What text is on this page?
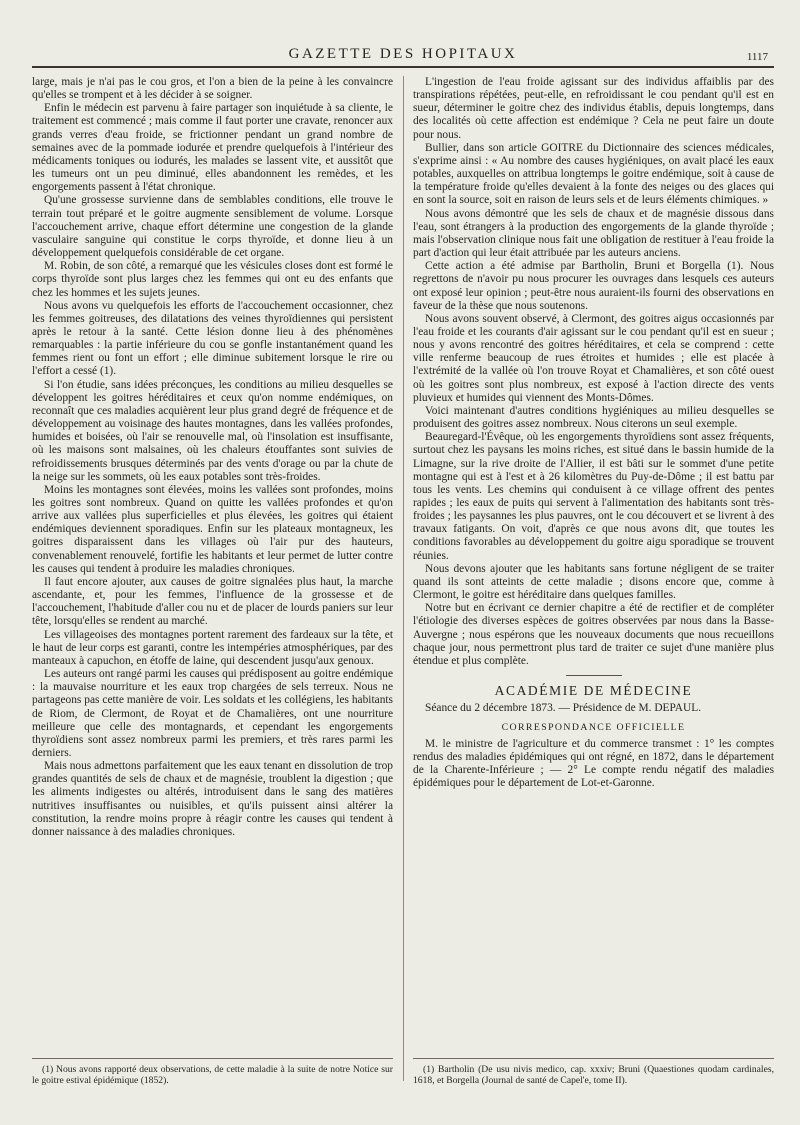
GAZETTE DES HOPITAUX	1117

large, mais je n'ai pas le cou gros, et l'on a bien de la peine à les convaincre qu'elles se trompent et à les décider à se soigner.

Enfin le médecin est parvenu à faire partager son inquiétude à sa cliente, le traitement est commencé ; mais comme il faut porter une cravate, renoncer aux grands verres d'eau froide, se frictionner pendant un grand nombre de semaines avec de la pommade iodurée et prendre quelquefois à l'intérieur des médicaments toniques ou iodurés, les malades se lassent vite, et aussitôt que les tumeurs ont un peu diminué, elles abandonnent les remèdes, et les engorgements passent à l'état chronique.

Qu'une grossesse survienne dans de semblables conditions, elle trouve le terrain tout préparé et le goitre augmente sensiblement de volume. Lorsque l'accouchement arrive, chaque effort détermine une congestion de la glande vasculaire sanguine qui constitue le corps thyroïde, et donne lieu à un développement quelquefois considérable de cet organe.

M. Robin, de son côté, a remarqué que les vésicules closes dont est formé le corps thyroïde sont plus larges chez les femmes qui ont eu des enfants que chez les hommes et les sujets jeunes.

Nous avons vu quelquefois les efforts de l'accouchement occasionner, chez les femmes goitreuses, des dilatations des veines thyroïdiennes qui persistent après le retour à la santé. Cette lésion donne lieu à des phénomènes remarquables : la partie inférieure du cou se gonfle instantanément quand les femmes rient ou font un effort ; elle diminue subitement lorsque le rire ou l'effort a cessé (1).

Si l'on étudie, sans idées préconçues, les conditions au milieu desquelles se développent les goitres héréditaires et ceux qu'on nomme endémiques, on reconnaît que ces maladies acquièrent leur plus grand degré de fréquence et de développement au voisinage des hautes montagnes, dans les vallées profondes, humides et boisées, où l'air se renouvelle mal, où l'insolation est insuffisante, où les maisons sont malsaines, où les chaleurs étouffantes sont suivies de refroidissements brusques déterminés par des vents d'orage ou par la chute de la neige sur les sommets, où les eaux potables sont très-froides.

Moins les montagnes sont élevées, moins les vallées sont profondes, moins les goitres sont nombreux. Quand on quitte les vallées profondes et qu'on arrive aux vallées plus superficielles et plus élevées, les goitres qui étaient endémiques deviennent sporadiques. Enfin sur les plateaux montagneux, les goitres disparaissent dans les villages où l'air pur des hauteurs, convenablement renouvelé, fortifie les habitants et leur permet de lutter contre les causes qui tendent à produire les maladies chroniques.

Il faut encore ajouter, aux causes de goitre signalées plus haut, la marche ascendante, et, pour les femmes, l'influence de la grossesse et de l'accouchement, l'habitude d'aller cou nu et de placer de lourds paniers sur leur tête, lorsqu'elles se rendent au marché.

Les villageoises des montagnes portent rarement des fardeaux sur la tête, et le haut de leur corps est garanti, contre les intempéries atmosphériques, par des manteaux à capuchon, en étoffe de laine, qui descendent jusqu'aux genoux.

Les auteurs ont rangé parmi les causes qui prédisposent au goitre endémique : la mauvaise nourriture et les eaux trop chargées de sels terreux. Nous ne partageons pas cette manière de voir. Les soldats et les collégiens, les habitants de Riom, de Clermont, de Royat et de Chamalières, ont une nourriture meilleure que celle des montagnards, et cependant les engorgements thyroïdiens sont assez nombreux parmi les premiers, et très rares parmi les derniers.

Mais nous admettons parfaitement que les eaux tenant en dissolution de trop grandes quantités de sels de chaux et de magnésie, troublent la digestion ; que les aliments indigestes ou altérés, introduisent dans le sang des matières nutritives insuffisantes ou nuisibles, et qu'ils puissent ainsi altérer la constitution, la rendre moins propre à réagir contre les causes qui tendent à donner naissance à des maladies chroniques.

(1) Nous avons rapporté deux observations, de cette maladie à la suite de notre Notice sur le goitre estival épidémique (1852).

L'ingestion de l'eau froide agissant sur des individus affaiblis par des transpirations répétées, peut-elle, en refroidissant le cou pendant qu'il est en sueur, déterminer le goitre chez des individus établis, depuis longtemps, dans des localités où cette affection est endémique ? Cela ne peut faire un doute pour nous.

Bullier, dans son article GOITRE du Dictionnaire des sciences médicales, s'exprime ainsi : « Au nombre des causes hygiéniques, on avait placé les eaux potables, auxquelles on attribua longtemps le goitre endémique, soit à cause de la température froide qu'elles devaient à la fonte des neiges ou des glaces qui en sont la source, soit en raison de leurs sels et de leurs éléments chimiques. »

Nous avons démontré que les sels de chaux et de magnésie dissous dans l'eau, sont étrangers à la production des engorgements de la glande thyroïde ; mais l'observation clinique nous fait une obligation de restituer à l'eau froide la part d'action qui leur était attribuée par les auteurs anciens.

Cette action a été admise par Bartholin, Bruni et Borgella (1). Nous regrettons de n'avoir pu nous procurer les ouvrages dans lesquels ces auteurs ont exposé leur opinion ; peut-être nous auraient-ils fourni des observations en faveur de la thèse que nous soutenons.

Nous avons souvent observé, à Clermont, des goitres aigus occasionnés par l'eau froide et les courants d'air agissant sur le cou pendant qu'il est en sueur ; nous y avons rencontré des goitres héréditaires, et cela se comprend : cette ville renferme beaucoup de rues étroites et humides ; elle est placée à l'extrémité de la vallée où l'on trouve Royat et Chamalières, et son côté ouest où les goitres sont plus nombreux, est exposé à l'action directe des vents pluvieux et humides qui viennent des Monts-Dômes.

Voici maintenant d'autres conditions hygiéniques au milieu desquelles se produisent des goitres assez nombreux. Nous citerons un seul exemple.

Beauregard-l'Évêque, où les engorgements thyroïdiens sont assez fréquents, surtout chez les paysans les moins riches, est situé dans le bassin humide de la Limagne, sur la rive droite de l'Allier, il est bâti sur le sommet d'une petite montagne qui est à l'est et à 26 kilomètres du Puy-de-Dôme ; il est battu par tous les vents. Les chemins qui conduisent à ce village offrent des pentes rapides ; les eaux de puits qui servent à l'alimentation des habitants sont très-froides ; les paysannes les plus pauvres, ont le cou découvert et se livrent à des travaux fatigants. On voit, d'après ce que nous avons dit, que toutes les conditions favorables au développement du goitre aigu sporadique se trouvent réunies.

Nous devons ajouter que les habitants sans fortune négligent de se traiter quand ils sont atteints de cette maladie ; disons encore que, comme à Clermont, le goitre est héréditaire dans quelques familles.

Notre but en écrivant ce dernier chapitre a été de rectifier et de compléter l'étiologie des diverses espèces de goitres observées par nous dans la Basse-Auvergne ; nous espérons que les nouveaux documents que nous recueillons chaque jour, nous permettront plus tard de traiter ce sujet d'une manière plus étendue et plus complète.

ACADÉMIE DE MÉDECINE

Séance du 2 décembre 1873. — Présidence de M. DEPAUL.

CORRESPONDANCE OFFICIELLE

M. le ministre de l'agriculture et du commerce transmet : 1° les comptes rendus des maladies épidémiques qui ont régné, en 1872, dans le département de la Charente-Inférieure ; — 2° Le compte rendu négatif des maladies épidémiques pour le département de Lot-et-Garonne.

(1) Bartholin (De usu nivis medico, cap. xxxiv; Bruni (Quaestiones quodam cardinales, 1618, et Borgella (Journal de santé de Capel'e, tome II).
